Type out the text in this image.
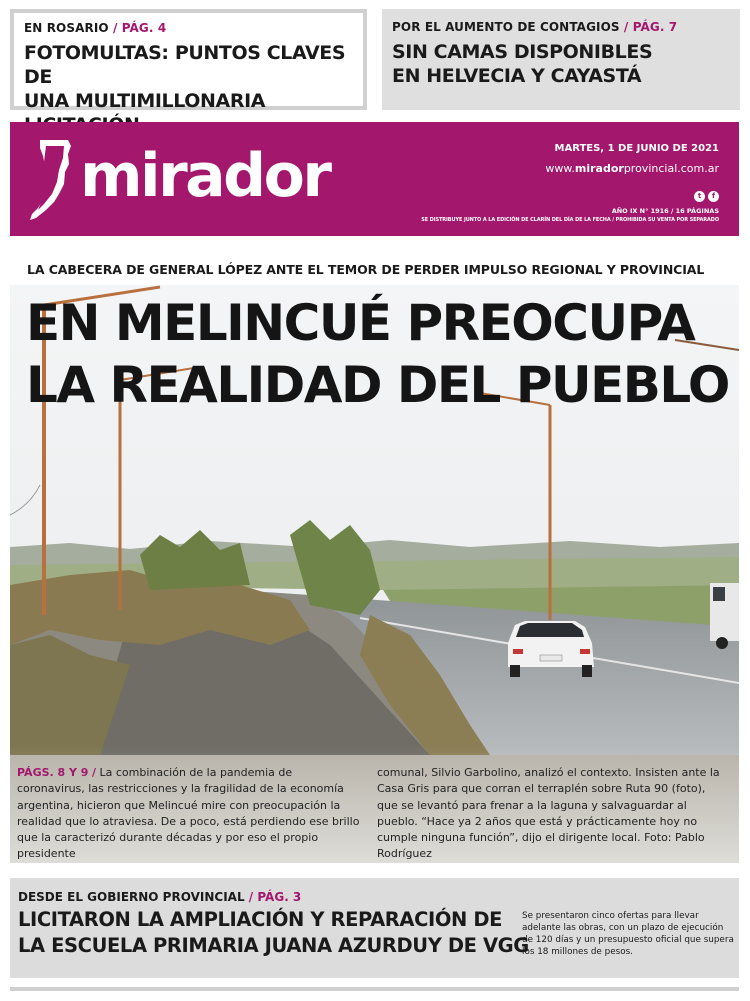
EN ROSARIO / PÁG. 4
FOTOMULTAS: PUNTOS CLAVES DE
UNA MULTIMILLONARIA
POR EL AUMENTO DE CONTAGIOS / PÁG. 7
SIN CAMAS DISPONIBLES
EN HELVECIA Y CAYASTÁ
mirador	MARTES, 1 DE JUNIO DE 2021
www.miradorprovincial.com.ar
t	f
AÑO IX N° 1916 / 16 PÁGINAS
SE DISTRIBUYE JUNTO A LA EDICIÓN DE CLARÍN DEL DÍA DE LA FECHA / PROHIBIDA SU VENTA POR SEPARADO
LA CABECERA DE GENERAL LÓPEZ ANTE EL TEMOR DE PERDER IMPULSO REGIONAL Y PROVINCIAL
EN MELINCUÉ PREOCUPA
LA REALIDAD DEL PUEBLO
PÁGS. 8 Y 9 / La combinación de la pandemia de coronavirus, las restricciones y la fragilidad de la economía argentina, hicieron que Melincué mire con preocupación la realidad que lo atraviesa. De a poco, está perdiendo ese brillo que la caracterizó durante décadas y por eso el propio presidente
comunal, Silvio Garbolino, analizó el contexto. Insisten ante la Casa Gris para que corran el terraplén sobre Ruta 90 (foto), que se levantó para frenar a la laguna y salvaguardar al pueblo. “Hace ya 2 años que está y prácticamente hoy no cumple ninguna función”, dijo el dirigente local. Foto: Pablo Rodríguez
DESDE EL GOBIERNO PROVINCIAL / PÁG. 3
LICITARON LA AMPLIACIÓN Y REPARACIÓN DE
LA ESCUELA PRIMARIA JUANA AZURDUY DE VGG
Se presentaron cinco ofertas para llevar adelante las obras, con un plazo de ejecución de 120 días y un presupuesto oficial que supera los 18 millones de pesos.
